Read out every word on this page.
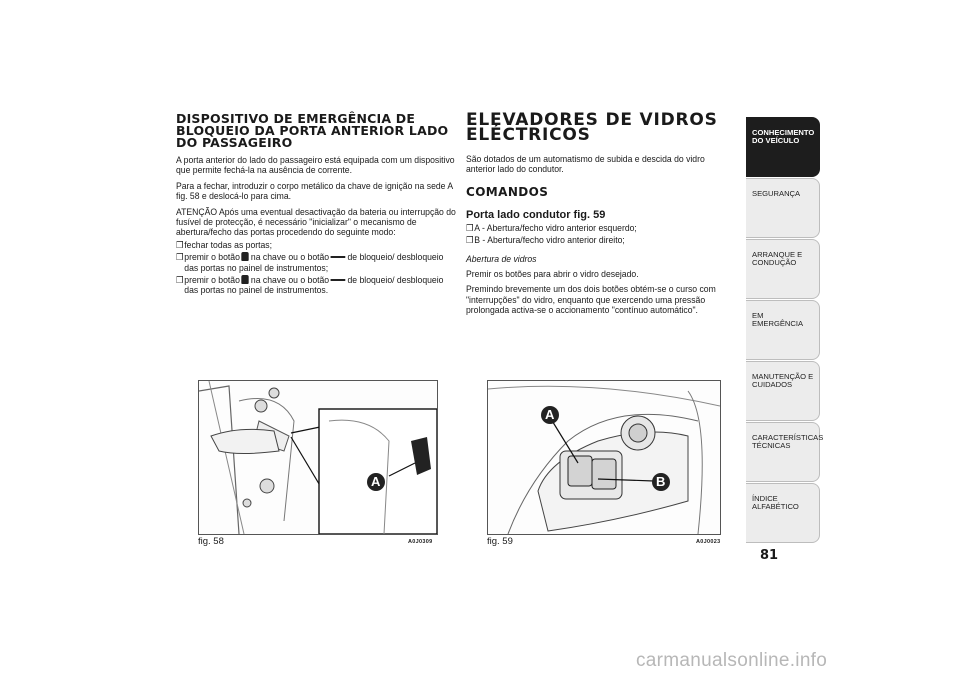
DISPOSITIVO DE EMERGÊNCIA DE BLOQUEIO DA PORTA ANTERIOR LADO DO PASSAGEIRO

A porta anterior do lado do passageiro está equipada com um dispositivo que permite fechá-la na ausência de corrente.

Para a fechar, introduzir o corpo metálico da chave de ignição na sede A fig. 58 e deslocá-lo para cima.

ATENÇÃO Após uma eventual desactivação da bateria ou interrupção do fusível de protecção, é necessário "inicializar" o mecanismo de abertura/fecho das portas procedendo do seguinte modo:

❒ fechar todas as portas;
❒ premir o botão na chave ou o botão de bloqueio/ desbloqueio das portas no painel de instrumentos;
❒ premir o botão na chave ou o botão de bloqueio/ desbloqueio das portas no painel de instrumentos.
ELEVADORES DE VIDROS ELÉCTRICOS

São dotados de um automatismo de subida e descida do vidro anterior lado do condutor.

COMANDOS
Porta lado condutor fig. 59
❒ A - Abertura/fecho vidro anterior esquerdo;
❒ B - Abertura/fecho vidro anterior direito;

Abertura de vidros

Premir os botões para abrir o vidro desejado.

Premindo brevemente um dos dois botões obtém-se o curso com "interrupções" do vidro, enquanto que exercendo uma pressão prolongada activa-se o accionamento "contínuo automático".

A
fig. 58	A0J0309
A
B
fig. 59	A0J0023
CONHECIMENTO DO VEÍCULO
SEGURANÇA
ARRANQUE E CONDUÇÃO
EM EMERGÊNCIA
MANUTENÇÃO E CUIDADOS
CARACTERÍSTICAS TÉCNICAS
ÍNDICE ALFABÉTICO
81
carmanualsonline.info
